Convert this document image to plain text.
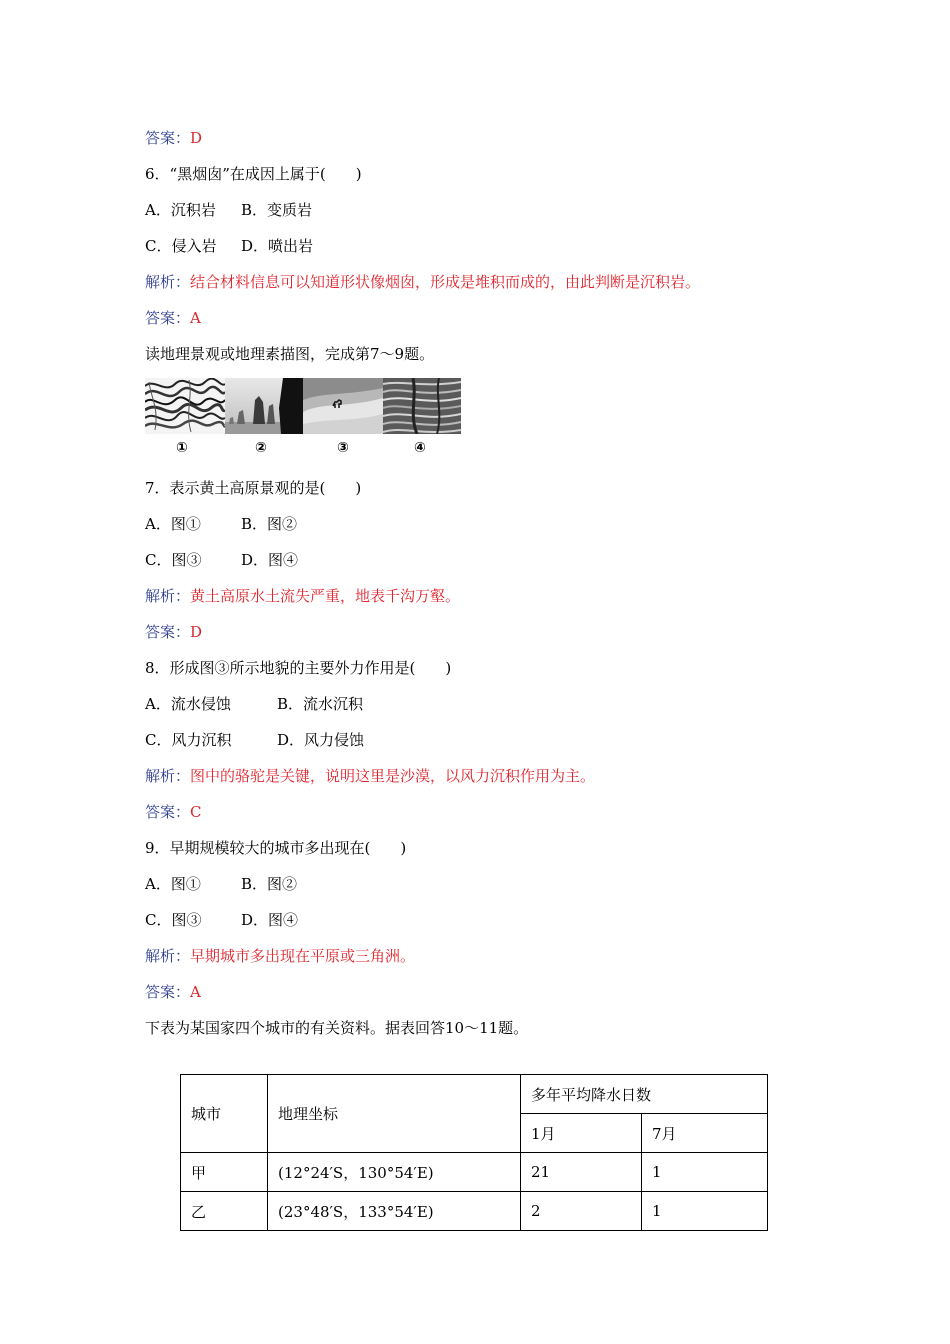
答案：D
6．“黑烟囱”在成因上属于(　　)
A．沉积岩 B．变质岩
C．侵入岩 D．喷出岩
解析：结合材料信息可以知道形状像烟囱，形成是堆积而成的，由此判断是沉积岩。
答案：A
读地理景观或地理素描图，完成第7～9题。
①	②	③	④
7．表示黄土高原景观的是(　　)
A．图①	B．图②
C．图③	D．图④
解析：黄土高原水土流失严重，地表千沟万壑。
答案：D
8．形成图③所示地貌的主要外力作用是(　　)
A．流水侵蚀	B．流水沉积
C．风力沉积	D．风力侵蚀
解析：图中的骆驼是关键，说明这里是沙漠，以风力沉积作用为主。
答案：C
9．早期规模较大的城市多出现在(　　)
A．图①	B．图②
C．图③	D．图④
解析：早期城市多出现在平原或三角洲。
答案：A
下表为某国家四个城市的有关资料。据表回答10～11题。
城市	地理坐标	多年平均降水日数	
		1月	7月
甲	(12°24′S，130°54′E)	21	1
乙	(23°48′S，133°54′E)	2	1
